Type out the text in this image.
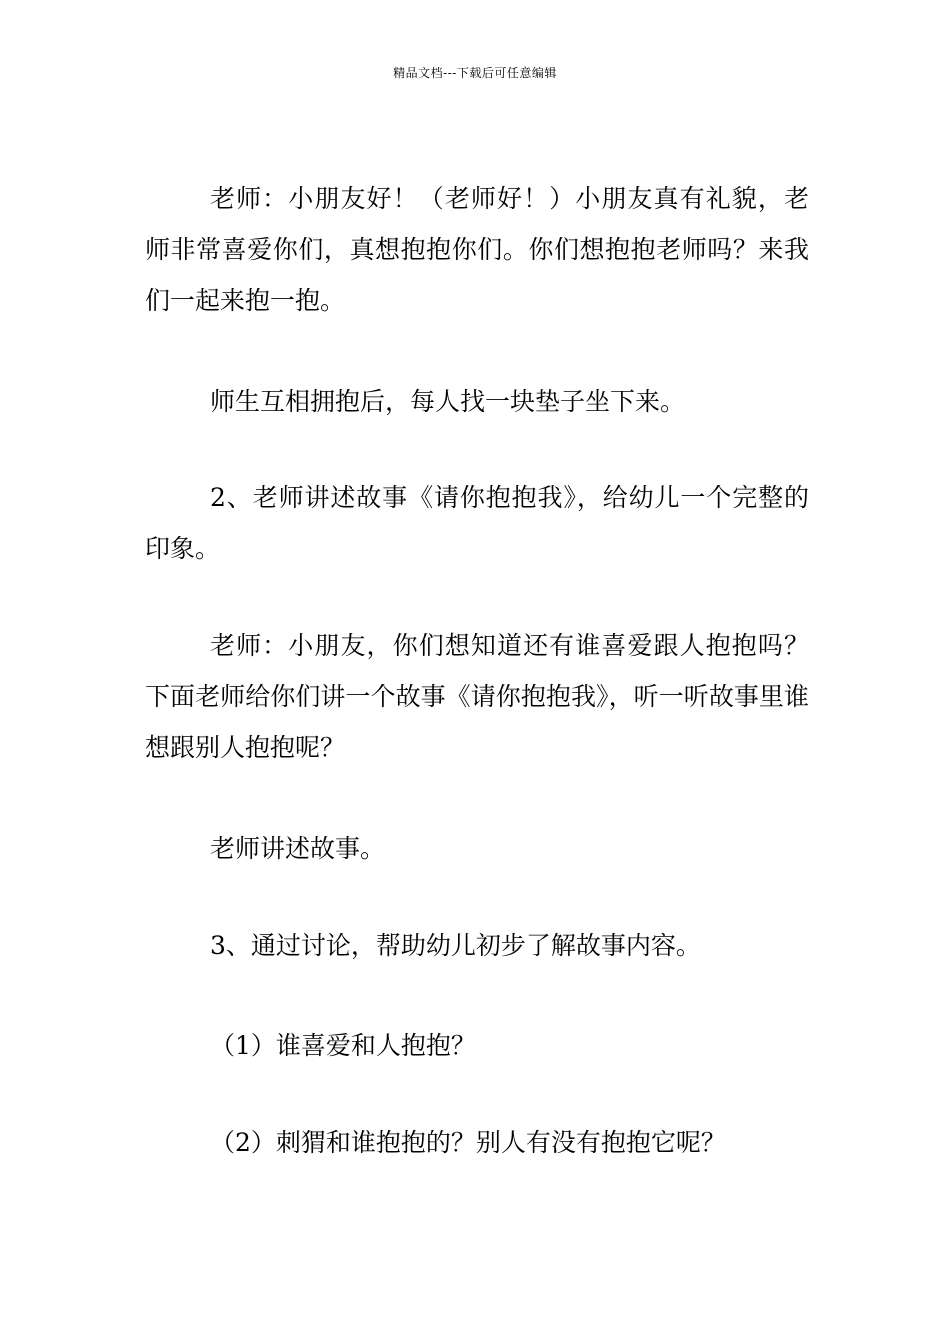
精品文档---下载后可任意编辑

老师：小朋友好！（老师好！）小朋友真有礼貌，老师非常喜爱你们，真想抱抱你们。你们想抱抱老师吗？来我们一起来抱一抱。

师生互相拥抱后，每人找一块垫子坐下来。

2、老师讲述故事《请你抱抱我》，给幼儿一个完整的印象。

老师：小朋友，你们想知道还有谁喜爱跟人抱抱吗？下面老师给你们讲一个故事《请你抱抱我》，听一听故事里谁想跟别人抱抱呢？

老师讲述故事。

3、通过讨论，帮助幼儿初步了解故事内容。

（1）谁喜爱和人抱抱？

（2）刺猬和谁抱抱的？别人有没有抱抱它呢？
